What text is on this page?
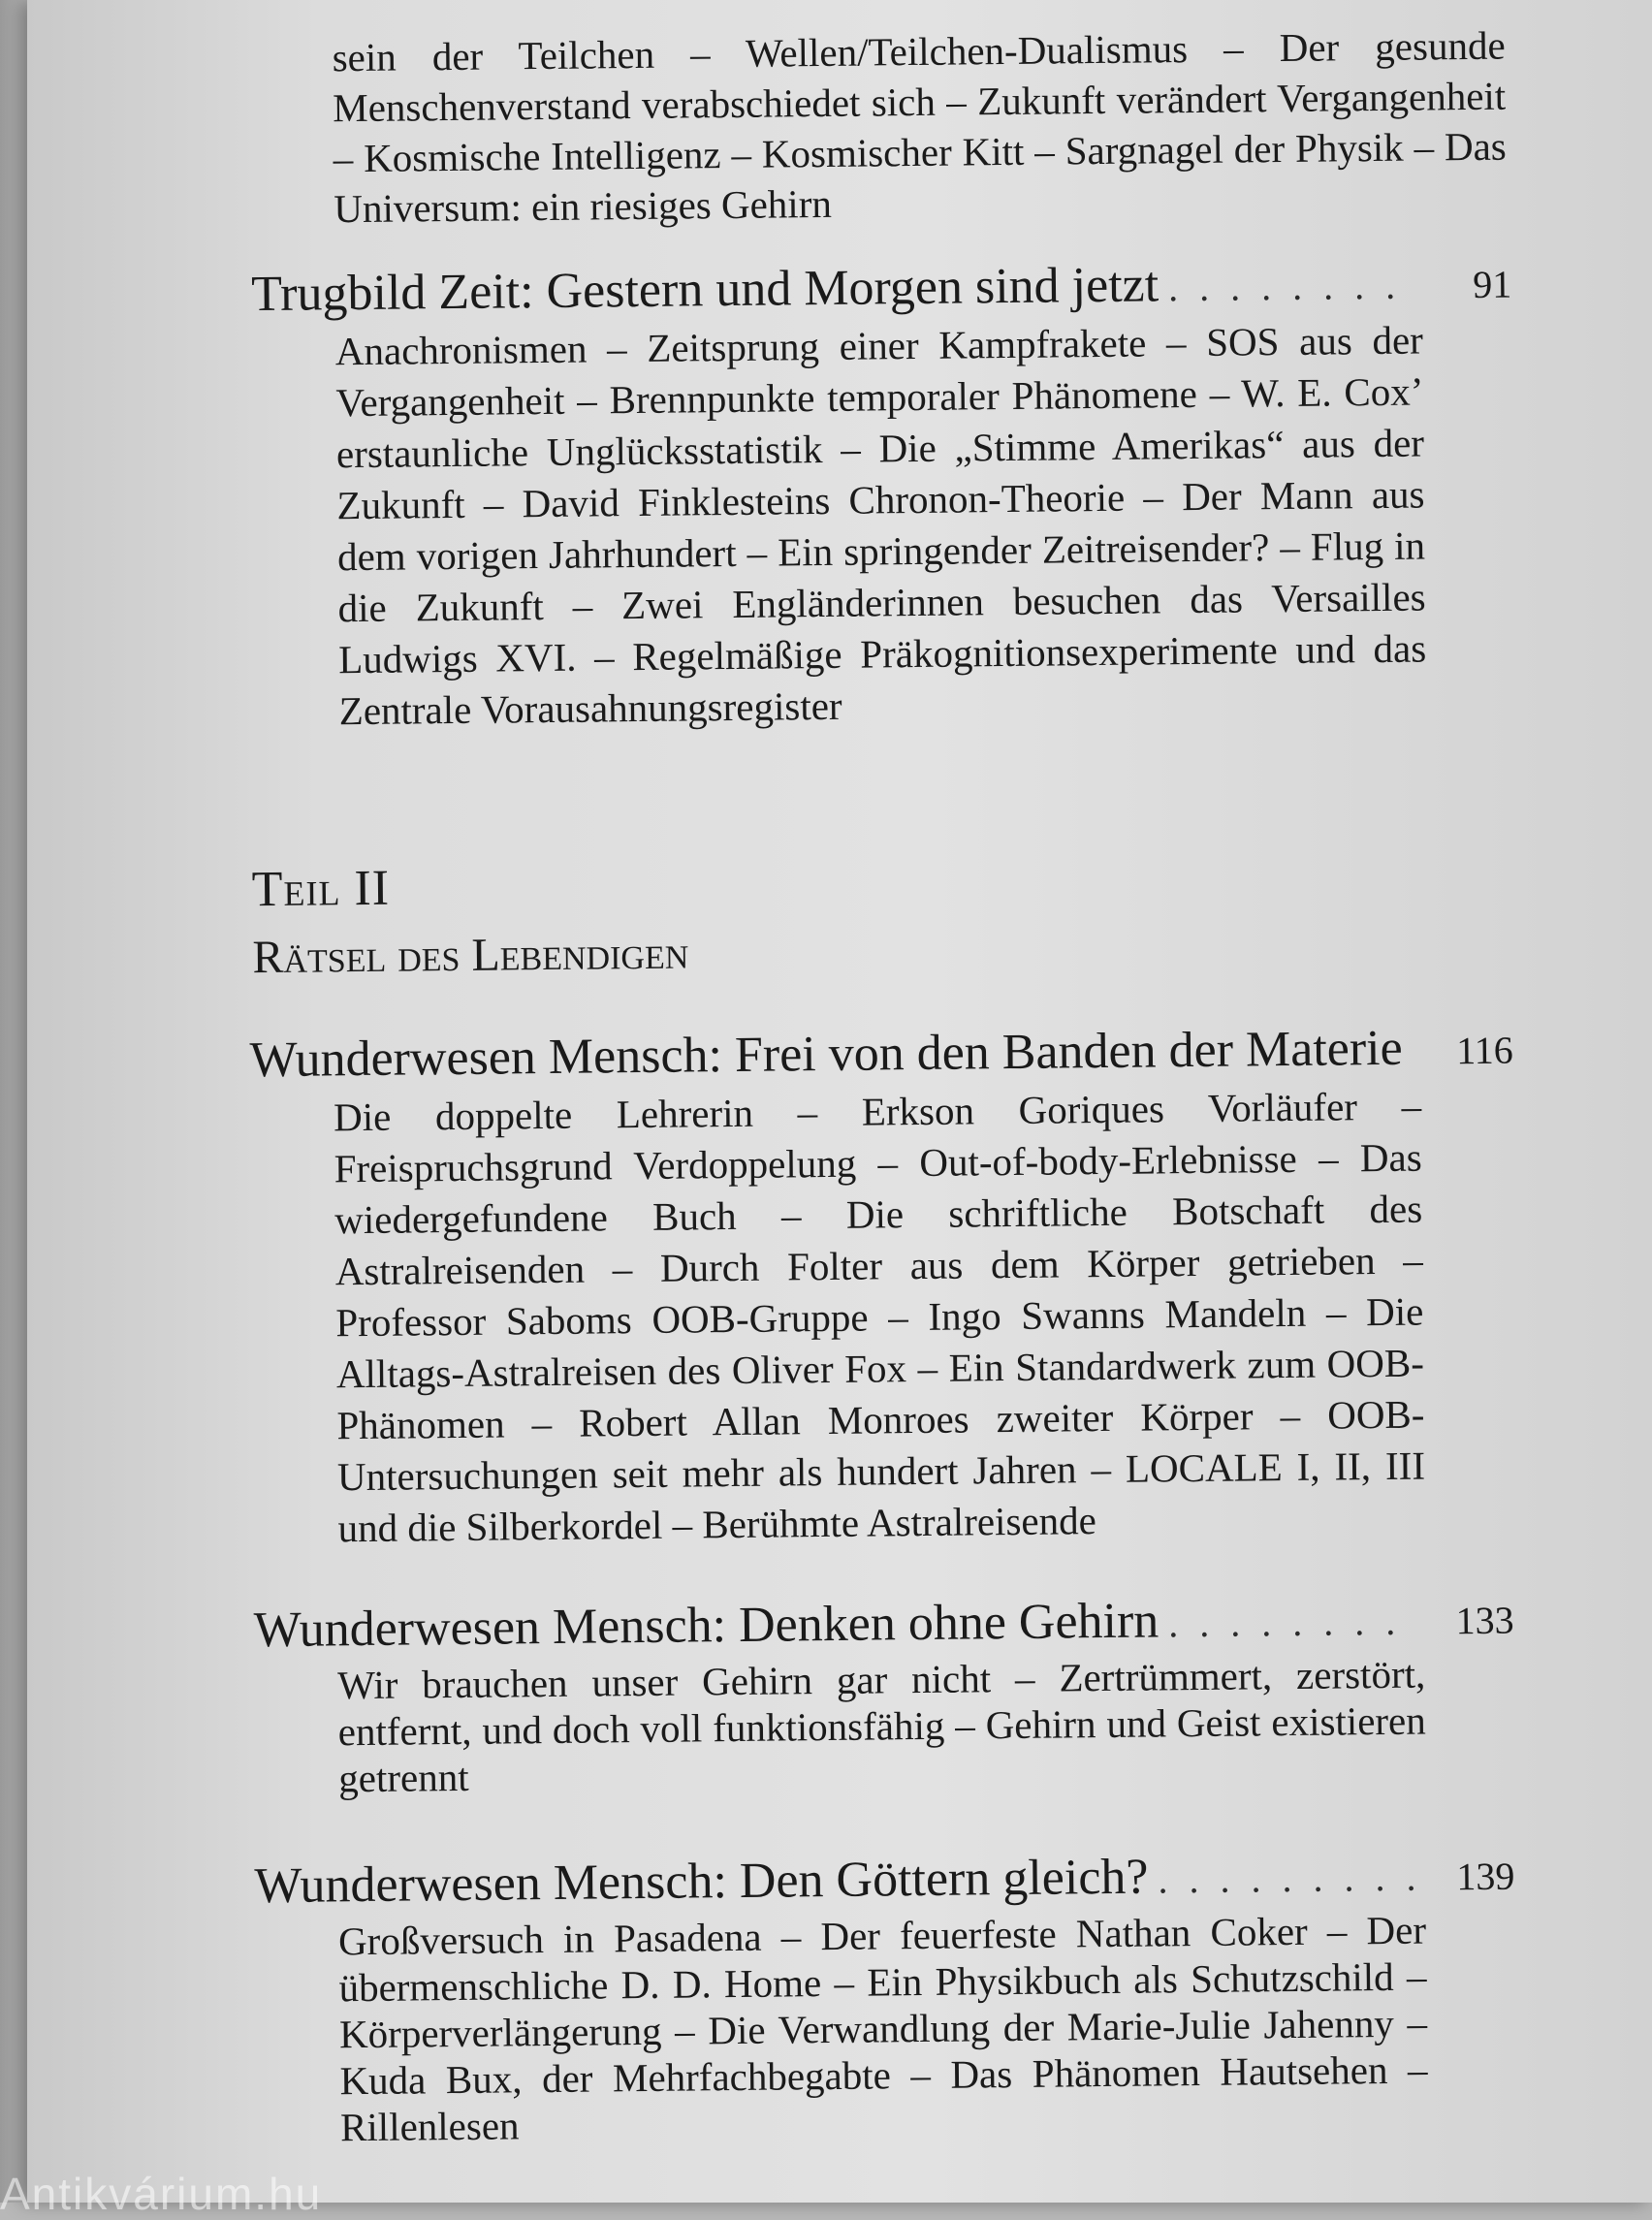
sein der Teilchen – Wellen/Teilchen-Dualismus – Der gesunde Menschenverstand verabschiedet sich – Zukunft verändert Vergangenheit – Kosmische Intelligenz – Kosmischer Kitt – Sargnagel der Physik – Das Universum: ein riesiges Gehirn
Trugbild Zeit: Gestern und Morgen sind jetzt . . .	91
Anachronismen – Zeitsprung einer Kampfrakete – SOS aus der Vergangenheit – Brennpunkte temporaler Phänomene – W. E. Cox’ erstaunliche Unglücksstatistik – Die „Stimme Amerikas“ aus der Zukunft – David Finklesteins Chronon-Theorie – Der Mann aus dem vorigen Jahrhundert – Ein springender Zeitreisender? – Flug in die Zukunft – Zwei Engländerinnen besuchen das Versailles Ludwigs XVI. – Regelmäßige Präkognitionsexperimente und das Zentrale Vorausahnungsregister
Teil II
Rätsel des Lebendigen
Wunderwesen Mensch: Frei von den Banden der Materie . . .	116
Die doppelte Lehrerin – Erkson Goriques Vorläufer – Freispruchsgrund Verdoppelung – Out-of-body-Erlebnisse – Das wiedergefundene Buch – Die schriftliche Botschaft des Astralreisenden – Durch Folter aus dem Körper getrieben – Professor Saboms OOB-Gruppe – Ingo Swanns Mandeln – Die Alltags-Astralreisen des Oliver Fox – Ein Standardwerk zum OOB-Phänomen – Robert Allan Monroes zweiter Körper – OOB-Untersuchungen seit mehr als hundert Jahren – LOCALE I, II, III und die Silberkordel – Berühmte Astralreisende
Wunderwesen Mensch: Denken ohne Gehirn . . .	133
Wir brauchen unser Gehirn gar nicht – Zertrümmert, zerstört, entfernt, und doch voll funktionsfähig – Gehirn und Geist existieren getrennt
Wunderwesen Mensch: Den Göttern gleich? . . .	139
Großversuch in Pasadena – Der feuerfeste Nathan Coker – Der übermenschliche D. D. Home – Ein Physikbuch als Schutzschild – Körperverlängerung – Die Verwandlung der Marie-Julie Jahenny – Kuda Bux, der Mehrfachbegabte – Das Phänomen Hautsehen – Rillenlesen
Antikvárium.hu
